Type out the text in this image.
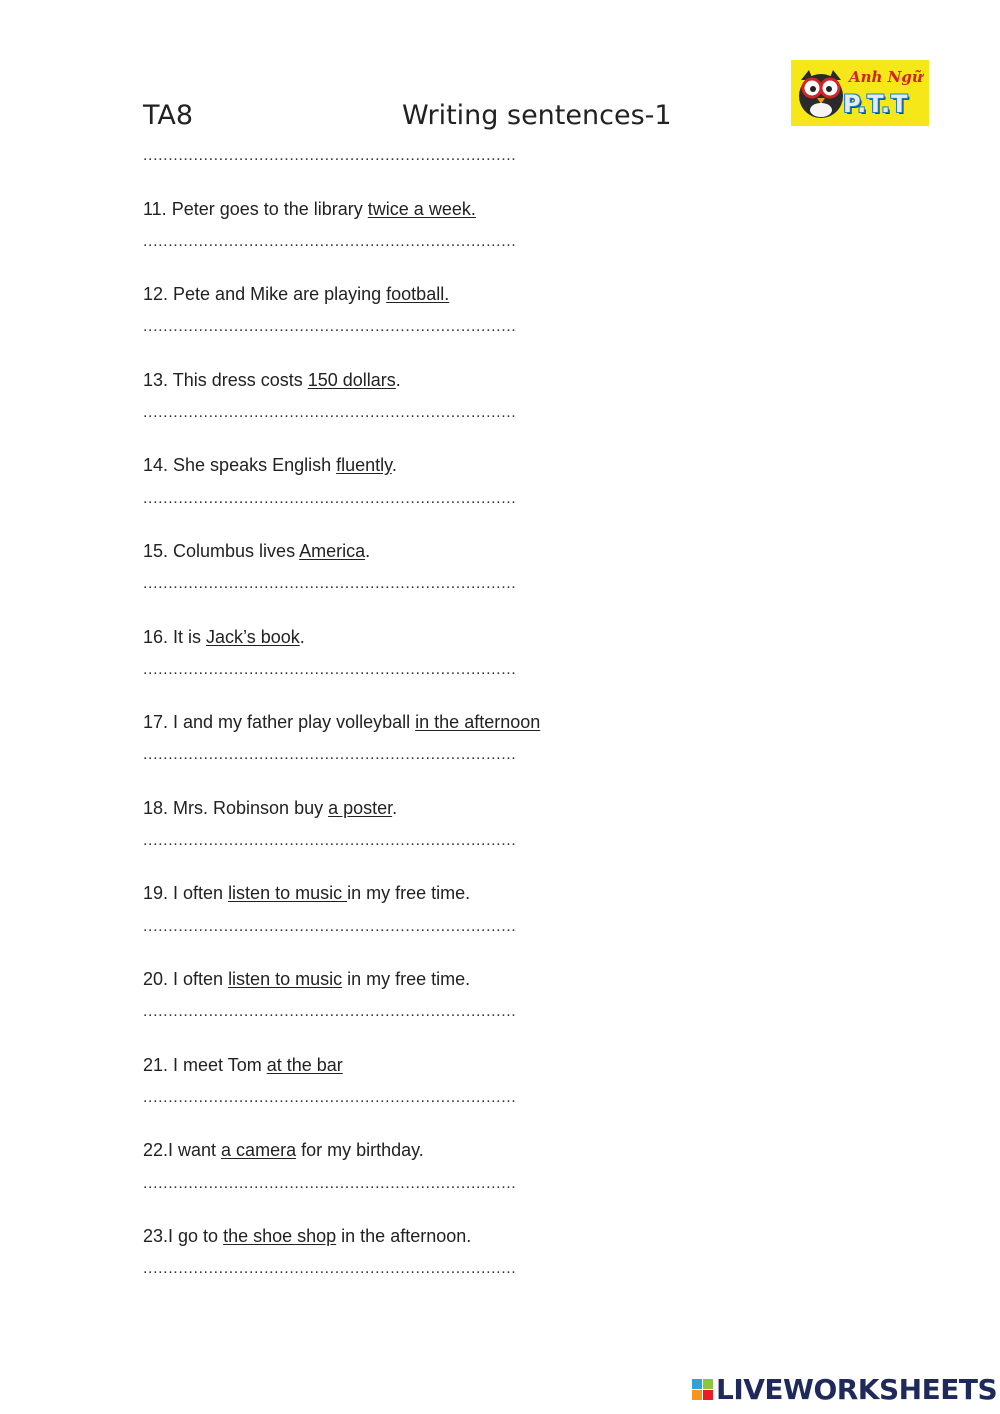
TA8	Writing sentences-1
Anh Ngữ
P.T.T
..........................................................................
11. Peter goes to the library twice a week.
..........................................................................
12. Pete and Mike are playing football.
..........................................................................
13. This dress costs 150 dollars.
..........................................................................
14. She speaks English fluently.
..........................................................................
15. Columbus lives America.
..........................................................................
16. It is Jack’s book.
..........................................................................
17. I and my father play volleyball in the afternoon
..........................................................................
18. Mrs. Robinson buy a poster.
..........................................................................
19. I often listen to music in my free time.
..........................................................................
20. I often listen to music in my free time.
..........................................................................
21. I meet Tom at the bar
..........................................................................
22.I want a camera for my birthday.
..........................................................................
23.I go to the shoe shop in the afternoon.
..........................................................................
LIVEWORKSHEETS
